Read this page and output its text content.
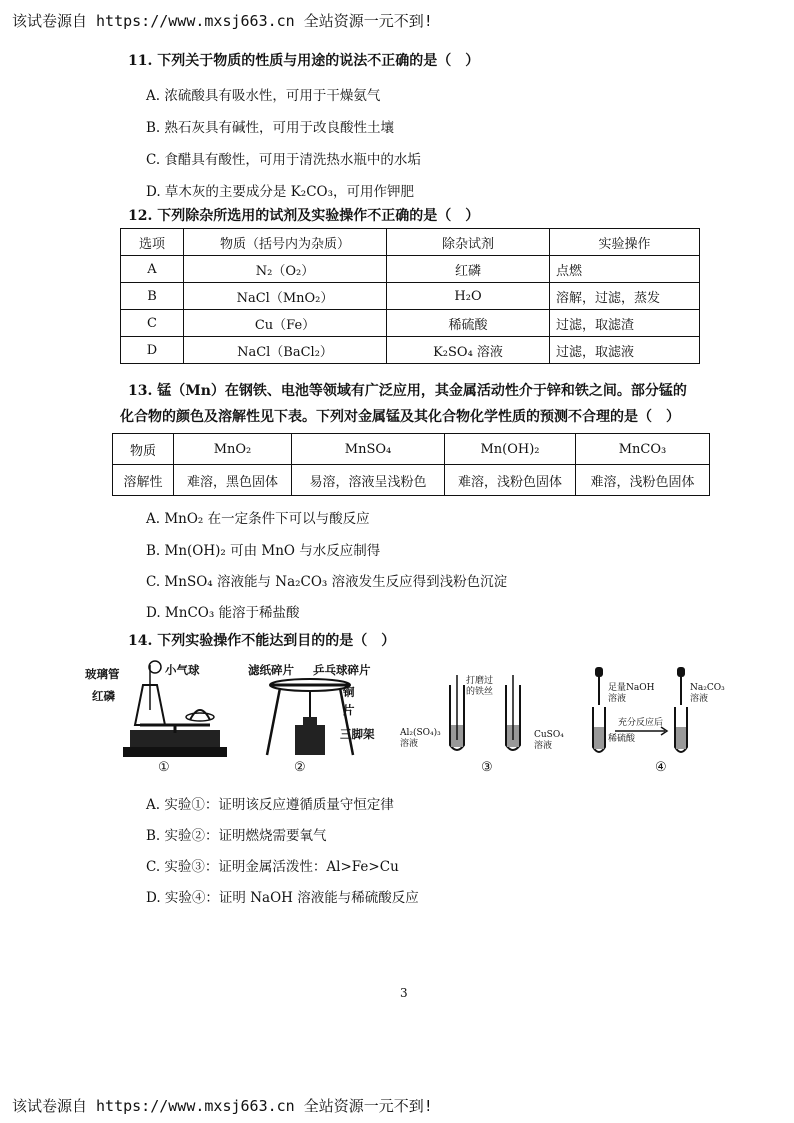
该试卷源自 https://www.mxsj663.cn 全站资源一元不到!
11. 下列关于物质的性质与用途的说法不正确的是（　）
A. 浓硫酸具有吸水性，可用于干燥氨气
B. 熟石灰具有碱性，可用于改良酸性土壤
C. 食醋具有酸性，可用于清洗热水瓶中的水垢
D. 草木灰的主要成分是 K₂CO₃，可用作钾肥
12. 下列除杂所选用的试剂及实验操作不正确的是（　）
选项	物质（括号内为杂质）	除杂试剂	实验操作
A	N₂（O₂）	红磷	点燃
B	NaCl（MnO₂）	H₂O	溶解，过滤，蒸发
C	Cu（Fe）	稀硫酸	过滤，取滤渣
D	NaCl（BaCl₂）	K₂SO₄ 溶液	过滤，取滤液
13. 锰（Mn）在钢铁、电池等领域有广泛应用，其金属活动性介于锌和铁之间。部分锰的
化合物的颜色及溶解性见下表。下列对金属锰及其化合物化学性质的预测不合理的是（　）
物质	MnO₂	MnSO₄	Mn(OH)₂	MnCO₃
溶解性	难溶，黑色固体	易溶，溶液呈浅粉色	难溶，浅粉色固体	难溶，浅粉色固体
A. MnO₂ 在一定条件下可以与酸反应
B. Mn(OH)₂ 可由 MnO 与水反应制得
C. MnSO₄ 溶液能与 Na₂CO₃ 溶液发生反应得到浅粉色沉淀
D. MnCO₃ 能溶于稀盐酸
14. 下列实验操作不能达到目的的是（　）
玻璃管	小气球
红磷
①
滤纸碎片 乒乓球碎片
铜
片
三脚架
②
打磨过
的铁丝
Al₂(SO₄)₃
溶液
CuSO₄
溶液
③
足量NaOH
溶液
Na₂CO₃
溶液
充分反应后
稀硫酸
④
A. 实验①：证明该反应遵循质量守恒定律
B. 实验②：证明燃烧需要氧气
C. 实验③：证明金属活泼性：Al>Fe>Cu
D. 实验④：证明 NaOH 溶液能与稀硫酸反应
3
该试卷源自 https://www.mxsj663.cn 全站资源一元不到!
